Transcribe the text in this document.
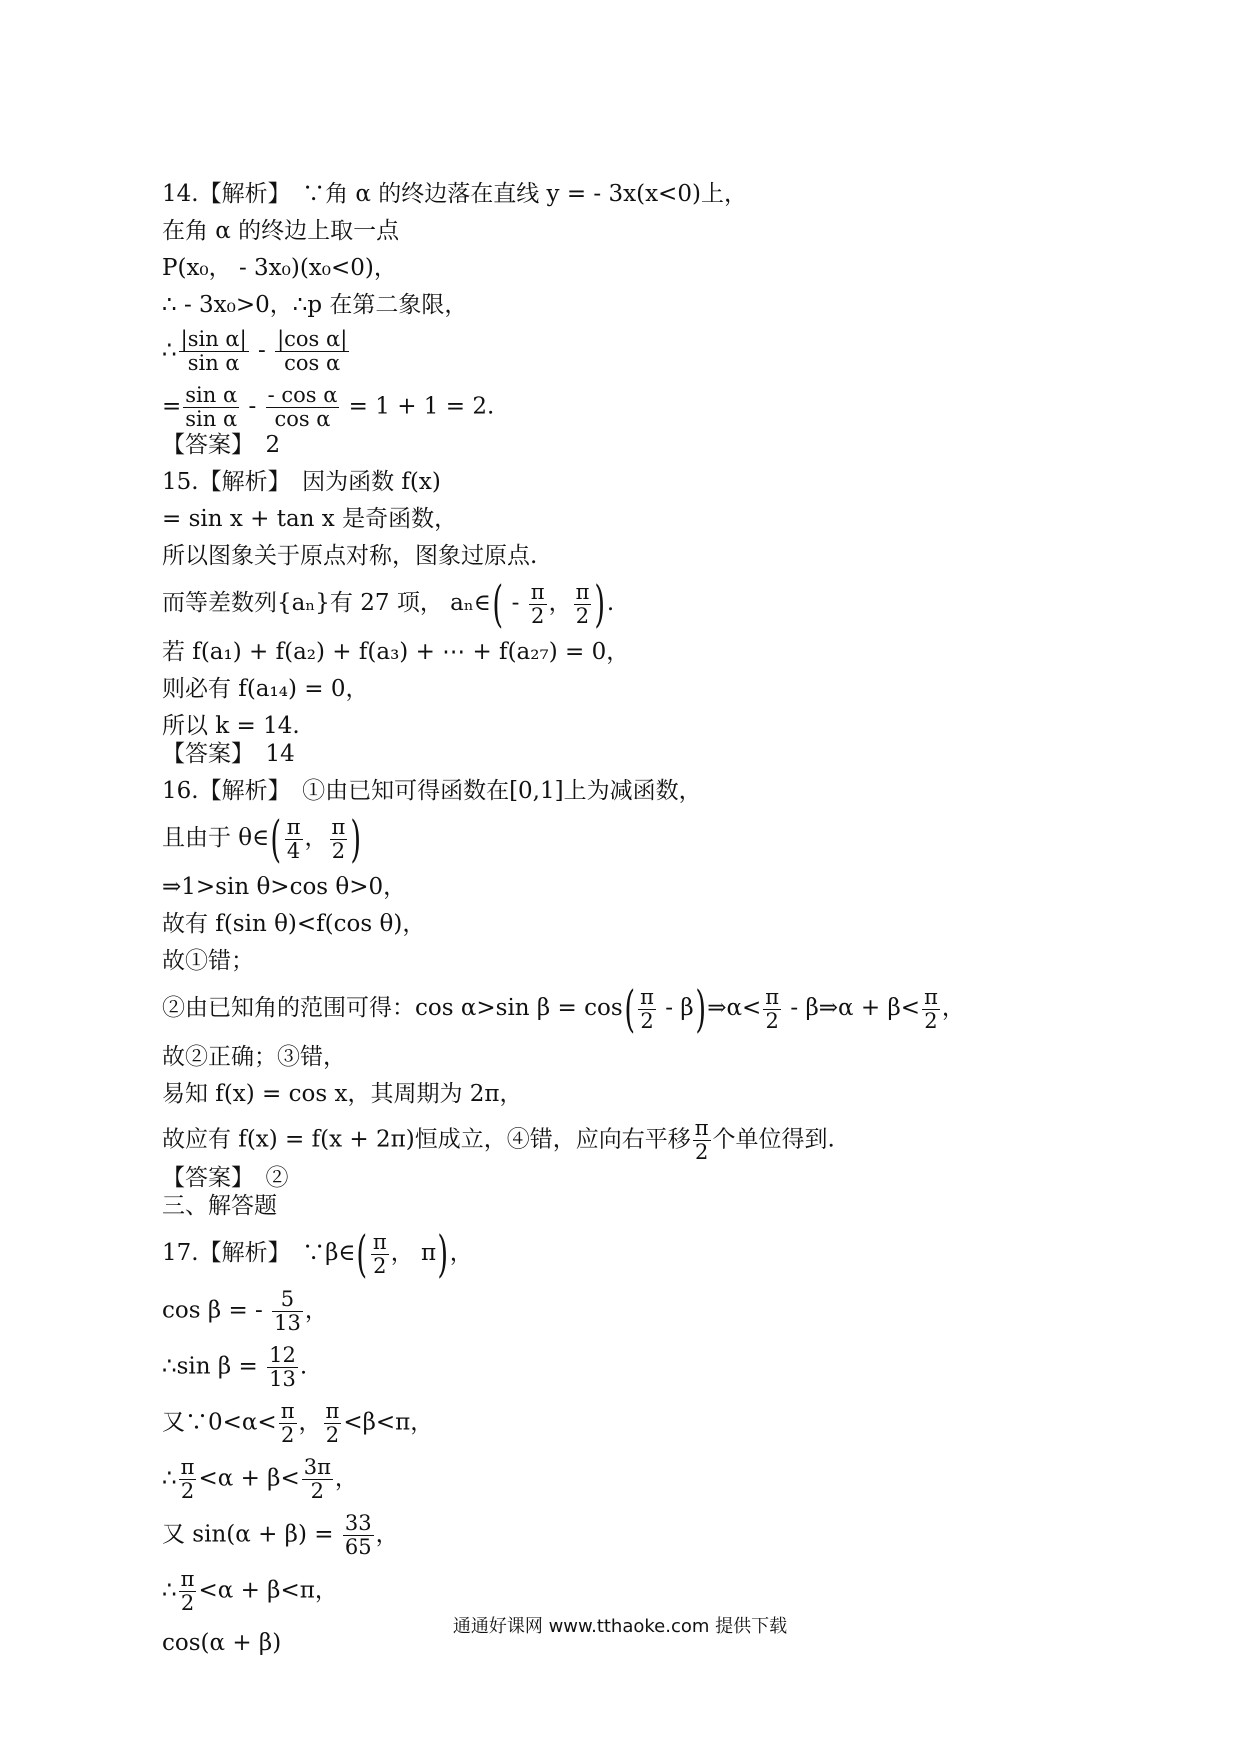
14.【解析】　∵角 α 的终边落在直线 y = - 3x(x<0)上，

在角 α 的终边上取一点

P(x₀， - 3x₀)(x₀<0)，

∴ - 3x₀>0，∴p 在第二象限，

∴ $\frac{\text{|sin α|}}{\text{sin α}} - \frac{\text{|cos α|}}{\text{cos α}}$

= $\frac{\text{sin α}}{\text{sin α}} - \frac{\text{- cos α}}{\text{cos α}} = 1 + 1 = 2$.

【答案】　2

15.【解析】　因为函数 f(x)

= sin x + tan x 是奇函数，

所以图象关于原点对称，图象过原点.

而等差数列{aₙ}有 27 项， aₙ∈( - $\frac{\pi}{2}$ ， $\frac{\pi}{2}$ ).

若 f(a₁) + f(a₂) + f(a₃) + ⋯ + f(a₂₇) = 0，

则必有 f(a₁₄) = 0，

所以 k = 14.

【答案】　14

16.【解析】　①由已知可得函数在[0,1]上为减函数，

且由于 θ∈( $\frac{\pi}{4}$ ， $\frac{\pi}{2}$ )

⇒1>sin θ>cos θ>0，

故有 f(sin θ)<f(cos θ)，

故①错；

②由已知角的范围可得：cos α>sin $\beta = \cos( \frac{\pi}{2}$ - β)⇒α< $\frac{\pi}{2}$ - β⇒α + $\beta< \frac{\pi}{2}$ ，

故②正确；③错，

易知 f(x) = cos x，其周期为 2π，

故应有 f(x) = f(x + 2π)恒成立，④错，应向右平移 $\frac{\pi}{2}$ 个单位得到.

【答案】　②

三、解答题

17.【解析】　∵β∈( $\frac{\pi}{2}$ ， π)，

cos β = - $\frac{5}{13}$ ，

∴sin $\beta = \frac{12}{13}$ .

又∵0<α< $\frac{\pi}{2}$ ， $\frac{\pi}{2} <\beta<\pi$，

∴ $\frac{\pi}{2} <\alpha + \beta< \frac{3\pi}{2}$ ，

又 $\sin(\alpha + \beta) = \frac{33}{65}$ ，

∴ $\frac{\pi}{2} <\alpha + \beta<\pi$，

cos(α + β)

通通好课网 www.tthaoke.com 提供下载
